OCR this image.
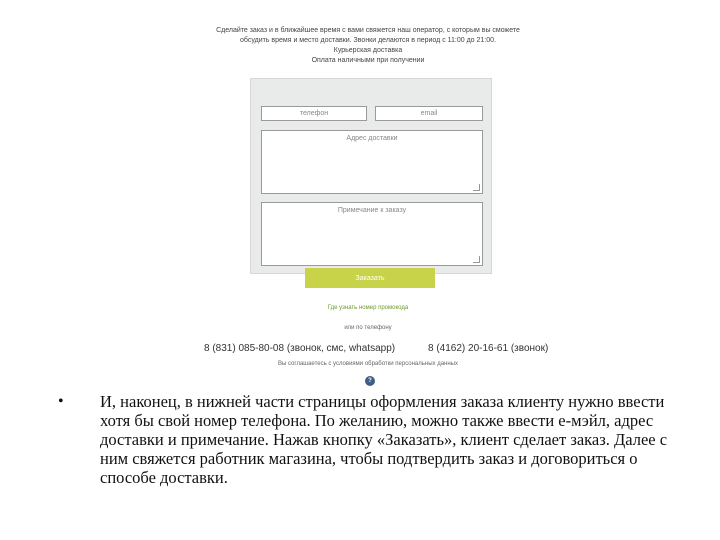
Сделайте заказ и в ближайшее время с вами свяжется наш оператор, с которым вы сможете
обсудить время и место доставки. Звонки делаются в период с 11:00 до 21:00.
Курьерская доставка
Оплата наличными при получении
телефон	email
Адрес доставки
Примечание к заказу
Заказать
Где узнать номер промокода
или по телефону
8 (831) 085-80-08 (звонок, смс, whatsapp)	8 (4162) 20-16-61 (звонок)
Вы соглашаетесь с условиями обработки персональных данных
?
• И, наконец, в нижней части страницы оформления заказа клиенту нужно ввести хотя бы свой номер телефона. По желанию, можно также ввести е-мэйл, адрес доставки и примечание. Нажав кнопку «Заказать», клиент сделает заказ. Далее с ним свяжется работник магазина, чтобы подтвердить заказ и договориться о способе доставки.
